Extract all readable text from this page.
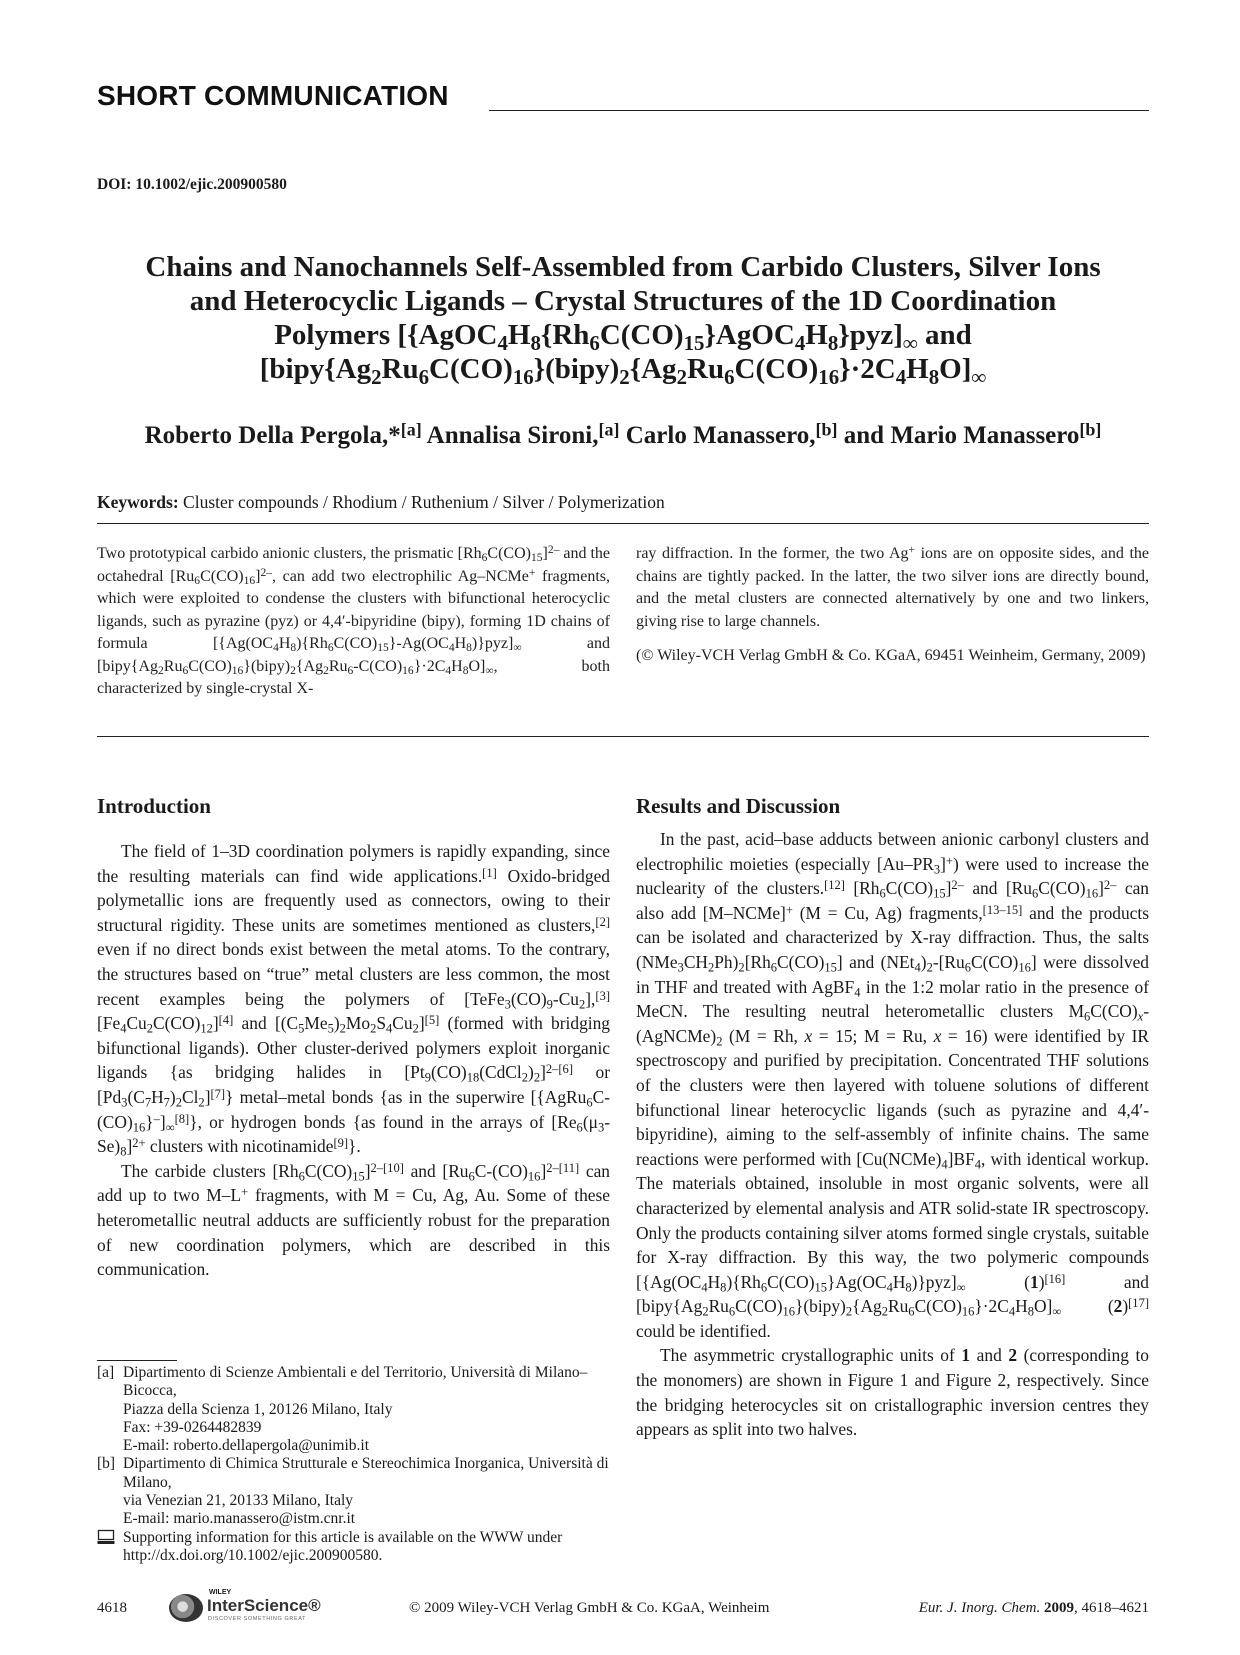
SHORT COMMUNICATION
DOI: 10.1002/ejic.200900580
Chains and Nanochannels Self-Assembled from Carbido Clusters, Silver Ions
and Heterocyclic Ligands – Crystal Structures of the 1D Coordination
Polymers $[\{AgOC_4H_8\{Rh_6C(CO)_{15}\}AgOC_4H_8\}pyz]_\infty$ and
$[bipy\{Ag_2Ru_6C(CO)_{16}\}(bipy)_2\{Ag_2Ru_6C(CO)_{16}\}\cdot 2C_4H_8O]_\infty$
Roberto Della Pergola,*[a] Annalisa Sironi,[a] Carlo Manassero,[b] and Mario Manassero[b]
Keywords: Cluster compounds / Rhodium / Ruthenium / Silver / Polymerization

Two prototypical carbido anionic clusters, the prismatic $[Rh_6C(CO)_{15}]^{2-}$ and the octahedral $[Ru_6C(CO)_{16}]^{2-}$, can add two electrophilic Ag–NCMe+ fragments, which were exploited to condense the clusters with bifunctional heterocyclic ligands, such as pyrazine (pyz) or 4,4′-bipyridine (bipy), forming 1D chains of formula $[\{Ag(OC_4H_8)\{Rh_6C(CO)_{15}\}-Ag(OC_4H_8)\}pyz]_\infty$ and $[bipy\{Ag_2Ru_6C(CO)_{16}\}(bipy)_2\{Ag_2Ru_6-C(CO)_{16}\}\cdot 2C_4H_8O]_\infty$, both characterized by single-crystal X-

ray diffraction. In the former, the two Ag+ ions are on opposite sides, and the chains are tightly packed. In the latter, the two silver ions are directly bound, and the metal clusters are connected alternatively by one and two linkers, giving rise to large channels.

(© Wiley-VCH Verlag GmbH & Co. KGaA, 69451 Weinheim, Germany, 2009)

Introduction

The field of 1–3D coordination polymers is rapidly expanding, since the resulting materials can find wide applications.[1] Oxido-bridged polymetallic ions are frequently used as connectors, owing to their structural rigidity. These units are sometimes mentioned as clusters,[2] even if no direct bonds exist between the metal atoms. To the contrary, the structures based on “true” metal clusters are less common, the most recent examples being the polymers of $[TeFe_3(CO)_9-Cu_2],[3]$ $[Fe_4Cu_2C(CO)_{12}][4]$ and $[(C_5Me_5)_2Mo_2S_4Cu_2][5]$ (formed with bridging bifunctional ligands). Other cluster-derived polymers exploit inorganic ligands {as bridging halides in $[Pt_9(CO)_{18}(CdCl_2)_2]^{2-[6]}$ or $[Pd_3(C_7H_7)_2Cl_2][7]$} metal–metal bonds {as in the superwire $[\{AgRu_6C-(CO)_{16}\}^-]_\infty[8]$}, or hydrogen bonds {as found in the arrays of $[Re_6(\mu_3-Se)_8]^{2+}$ clusters with nicotinamide[9]}.

The carbide clusters $[Rh_6C(CO)_{15}]^{2-[10]}$ and $[Ru_6C-(CO)_{16}]^{2-[11]}$ can add up to two M–L+ fragments, with M = Cu, Ag, Au. Some of these heterometallic neutral adducts are sufficiently robust for the preparation of new coordination polymers, which are described in this communication.

[a] Dipartimento di Scienze Ambientali e del Territorio, Università di Milano–Bicocca,
Piazza della Scienza 1, 20126 Milano, Italy
Fax: +39-0264482839
E-mail: roberto.dellapergola@unimib.it
[b] Dipartimento di Chimica Strutturale e Stereochimica Inorganica, Università di Milano,
via Venezian 21, 20133 Milano, Italy
E-mail: mario.manassero@istm.cnr.it
Supporting information for this article is available on the WWW under http://dx.doi.org/10.1002/ejic.200900580.
Results and Discussion

In the past, acid–base adducts between anionic carbonyl clusters and electrophilic moieties (especially $[Au-PR_3]^+$) were used to increase the nuclearity of the clusters.[12] $[Rh_6C(CO)_{15}]^{2-}$ and $[Ru_6C(CO)_{16}]^{2-}$ can also add [M–NCMe]+ (M = Cu, Ag) fragments,[13–15] and the products can be isolated and characterized by X-ray diffraction. Thus, the salts $(NMe_3CH_2Ph)_2[Rh_6C(CO)_{15}]$ and $(NEt_4)_2-[Ru_6C(CO)_{16}]$ were dissolved in THF and treated with AgBF$_4$ in the 1:2 molar ratio in the presence of MeCN. The resulting neutral heterometallic clusters $M_6C(CO)_x-(AgNCMe)_2$ (M = Rh, x = 15; M = Ru, x = 16) were identified by IR spectroscopy and purified by precipitation. Concentrated THF solutions of the clusters were then layered with toluene solutions of different bifunctional linear heterocyclic ligands (such as pyrazine and 4,4′-bipyridine), aiming to the self-assembly of infinite chains. The same reactions were performed with $[Cu(NCMe)_4]BF_4$, with identical workup. The materials obtained, insoluble in most organic solvents, were all characterized by elemental analysis and ATR solid-state IR spectroscopy. Only the products containing silver atoms formed single crystals, suitable for X-ray diffraction. By this way, the two polymeric compounds $[\{Ag(OC_4H_8)\{Rh_6C(CO)_{15}\}Ag(OC_4H_8)\}pyz]_\infty$ (1)[16] and $[bipy\{Ag_2Ru_6C(CO)_{16}\}(bipy)_2\{Ag_2Ru_6C(CO)_{16}\}\cdot 2C_4H_8O]_\infty$ (2)[17] could be identified.

The asymmetric crystallographic units of 1 and 2 (corresponding to the monomers) are shown in Figure 1 and Figure 2, respectively. Since the bridging heterocycles sit on cristallographic inversion centres they appears as split into two halves.

4618
WILEY
InterScience®
DISCOVER SOMETHING GREAT
© 2009 Wiley-VCH Verlag GmbH & Co. KGaA, Weinheim	Eur. J. Inorg. Chem. 2009, 4618–4621
